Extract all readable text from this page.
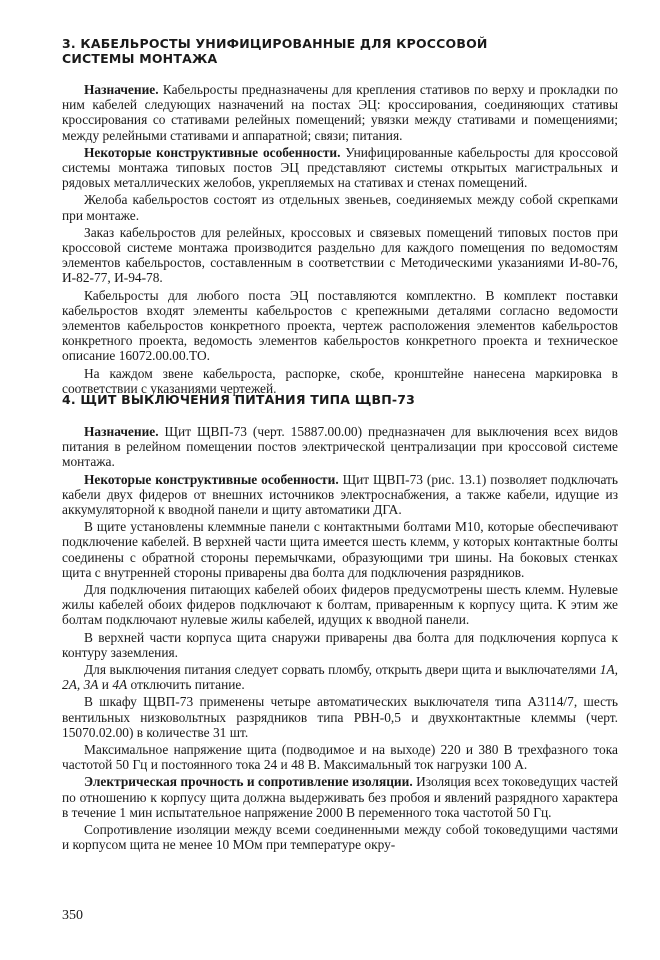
3. КАБЕЛЬРОСТЫ УНИФИЦИРОВАННЫЕ ДЛЯ КРОССОВОЙ
СИСТЕМЫ МОНТАЖА

Назначение. Кабельросты предназначены для крепления стативов по верху и прокладки по ним кабелей следующих назначений на постах ЭЦ: кроссирования, соединяющих стативы кроссирования со стативами релейных помещений; увязки между стативами и помещениями; между релейными стативами и аппаратной; связи; питания.

Некоторые конструктивные особенности. Унифицированные кабельросты для кроссовой системы монтажа типовых постов ЭЦ представляют системы открытых магистральных и рядовых металлических желобов, укрепляемых на стативах и стенах помещений.

Желоба кабельростов состоят из отдельных звеньев, соединяемых между собой скрепками при монтаже.

Заказ кабельростов для релейных, кроссовых и связевых помещений типовых постов при кроссовой системе монтажа производится раздельно для каждого помещения по ведомостям элементов кабельростов, составленным в соответствии с Методическими указаниями И-80-76, И-82-77, И-94-78.

Кабельросты для любого поста ЭЦ поставляются комплектно. В комплект поставки кабельростов входят элементы кабельростов с крепежными деталями согласно ведомости элементов кабельростов конкретного проекта, чертеж расположения элементов кабельростов конкретного проекта, ведомость элементов кабельростов конкретного проекта и техническое описание 16072.00.00.ТО.

На каждом звене кабельроста, распорке, скобе, кронштейне нанесена маркировка в соответствии с указаниями чертежей.

4. ЩИТ ВЫКЛЮЧЕНИЯ ПИТАНИЯ ТИПА ЩВП-73

Назначение. Щит ЩВП-73 (черт. 15887.00.00) предназначен для выключения всех видов питания в релейном помещении постов электрической централизации при кроссовой системе монтажа.

Некоторые конструктивные особенности. Щит ЩВП-73 (рис. 13.1) позволяет подключать кабели двух фидеров от внешних источников электроснабжения, а также кабели, идущие из аккумуляторной к вводной панели и щиту автоматики ДГА.

В щите установлены клеммные панели с контактными болтами М10, которые обеспечивают подключение кабелей. В верхней части щита имеется шесть клемм, у которых контактные болты соединены с обратной стороны перемычками, образующими три шины. На боковых стенках щита с внутренней стороны приварены два болта для подключения разрядников.

Для подключения питающих кабелей обоих фидеров предусмотрены шесть клемм. Нулевые жилы кабелей обоих фидеров подключают к болтам, приваренным к корпусу щита. К этим же болтам подключают нулевые жилы кабелей, идущих к вводной панели.

В верхней части корпуса щита снаружи приварены два болта для подключения корпуса к контуру заземления.

Для выключения питания следует сорвать пломбу, открыть двери щита и выключателями 1А, 2А, 3А и 4А отключить питание.

В шкафу ЩВП-73 применены четыре автоматических выключателя типа А3114/7, шесть вентильных низковольтных разрядников типа РВН-0,5 и двухконтактные клеммы (черт. 15070.02.00) в количестве 31 шт.

Максимальное напряжение щита (подводимое и на выходе) 220 и 380 В трехфазного тока частотой 50 Гц и постоянного тока 24 и 48 В. Максимальный ток нагрузки 100 А.

Электрическая прочность и сопротивление изоляции. Изоляция всех токоведущих частей по отношению к корпусу щита должна выдерживать без пробоя и явлений разрядного характера в течение 1 мин испытательное напряжение 2000 В переменного тока частотой 50 Гц.

Сопротивление изоляции между всеми соединенными между собой токоведущими частями и корпусом щита не менее 10 МОм при температуре окру-

350
